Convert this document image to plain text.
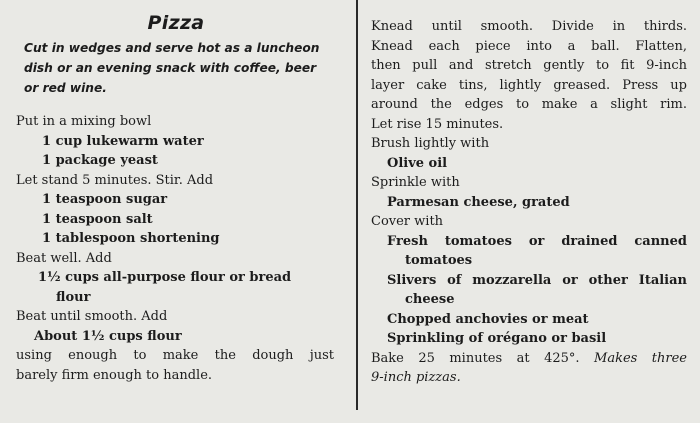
Pizza
Cut in wedges and serve hot as a luncheon dish or an evening snack with coffee, beer or red wine.
Put in a mixing bowl
1 cup lukewarm water
1 package yeast
Let stand 5 minutes. Stir. Add
1 teaspoon sugar
1 teaspoon salt
1 tablespoon shortening
Beat well. Add
1½ cups all-purpose flour or bread
flour
Beat until smooth. Add
About 1½ cups flour
using enough to make the dough just
barely firm enough to handle.
Knead until smooth. Divide in thirds.
Knead each piece into a ball. Flatten,
then pull and stretch gently to fit 9-inch
layer cake tins, lightly greased. Press up
around the edges to make a slight rim.
Let rise 15 minutes.
Brush lightly with
Olive oil
Sprinkle with
Parmesan cheese, grated
Cover with
Fresh tomatoes or drained canned
tomatoes
Slivers of mozzarella or other Italian
cheese
Chopped anchovies or meat
Sprinkling of orégano or basil
Bake 25 minutes at 425°. Makes three
9-inch pizzas.
